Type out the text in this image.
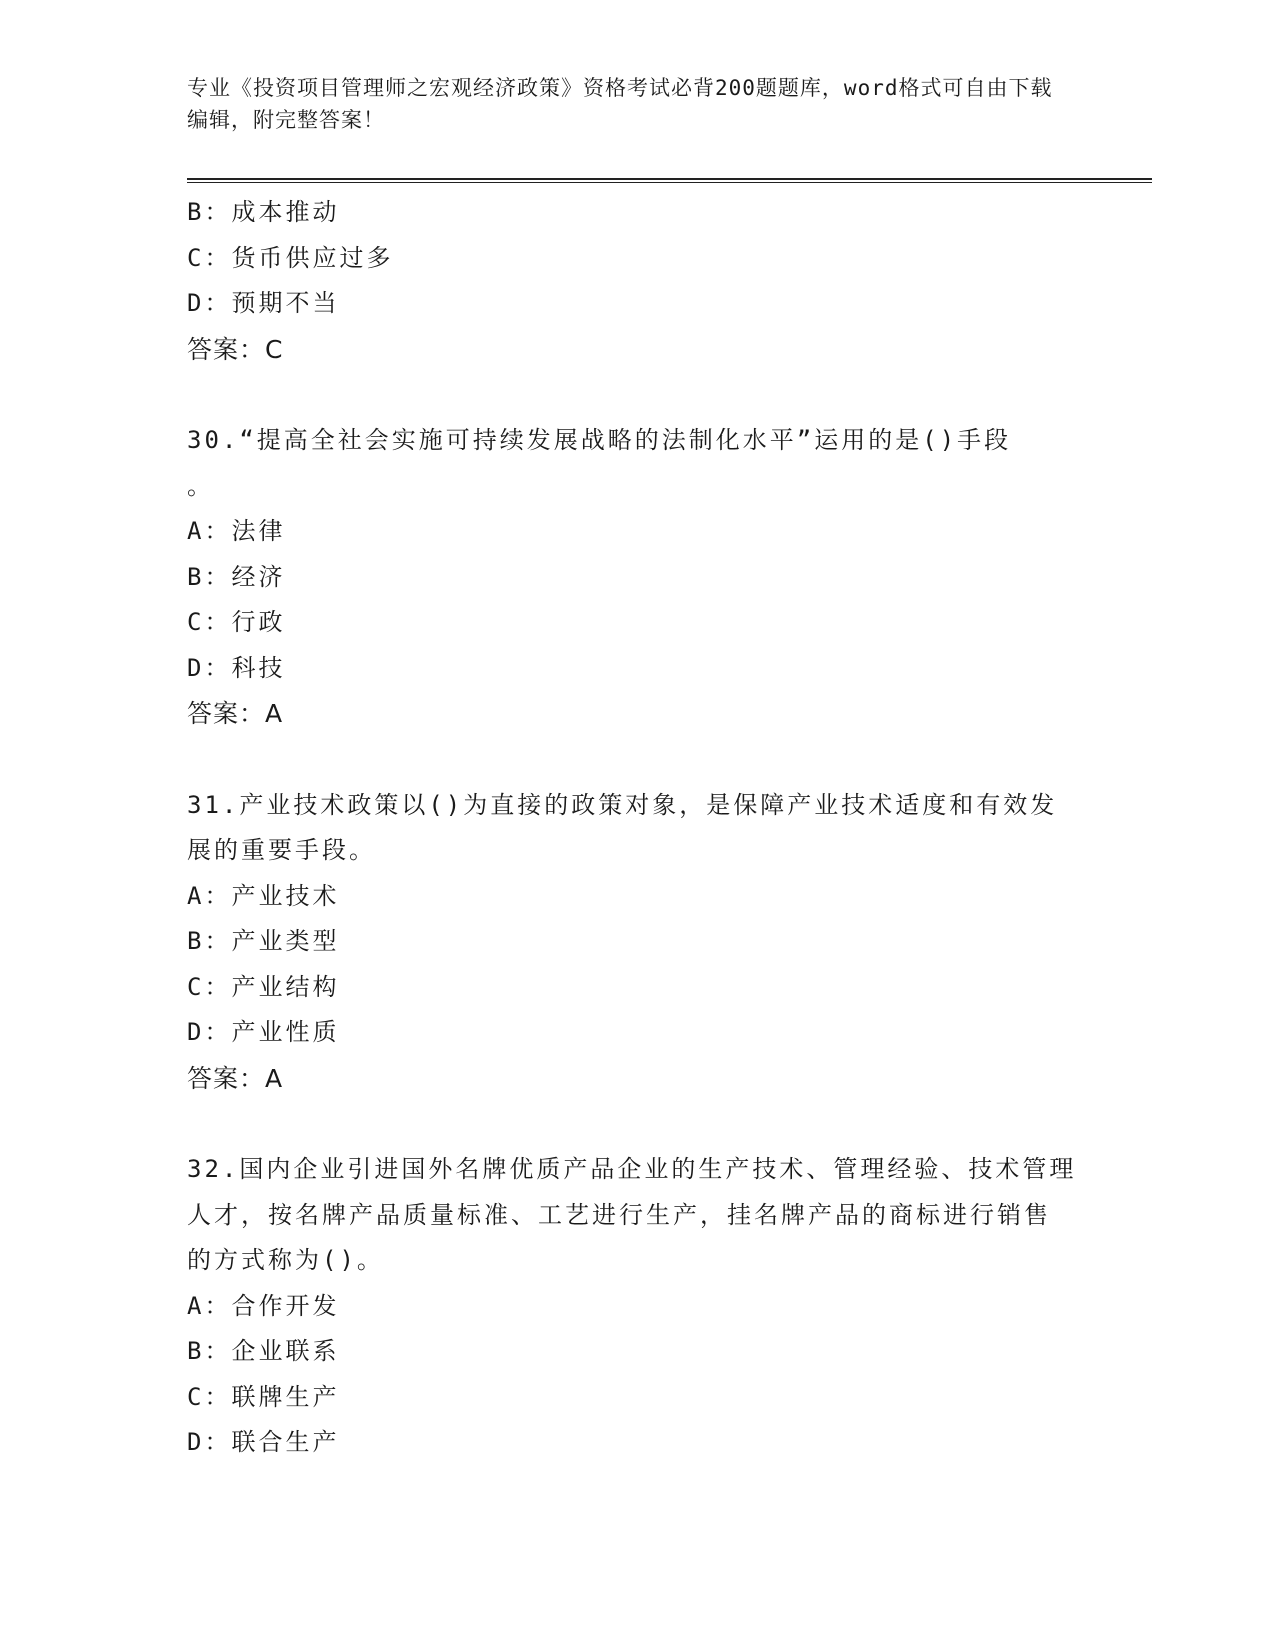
专业《投资项目管理师之宏观经济政策》资格考试必背200题题库，word格式可自由下载编辑，附完整答案！
B：成本推动
C：货币供应过多
D：预期不当
答案：C
30.“提高全社会实施可持续发展战略的法制化水平”运用的是()手段
。
A：法律
B：经济
C：行政
D：科技
答案：A
31.产业技术政策以()为直接的政策对象，是保障产业技术适度和有效发展的重要手段。
A：产业技术
B：产业类型
C：产业结构
D：产业性质
答案：A
32.国内企业引进国外名牌优质产品企业的生产技术、管理经验、技术管理人才，按名牌产品质量标准、工艺进行生产，挂名牌产品的商标进行销售的方式称为()。
A：合作开发
B：企业联系
C：联牌生产
D：联合生产
